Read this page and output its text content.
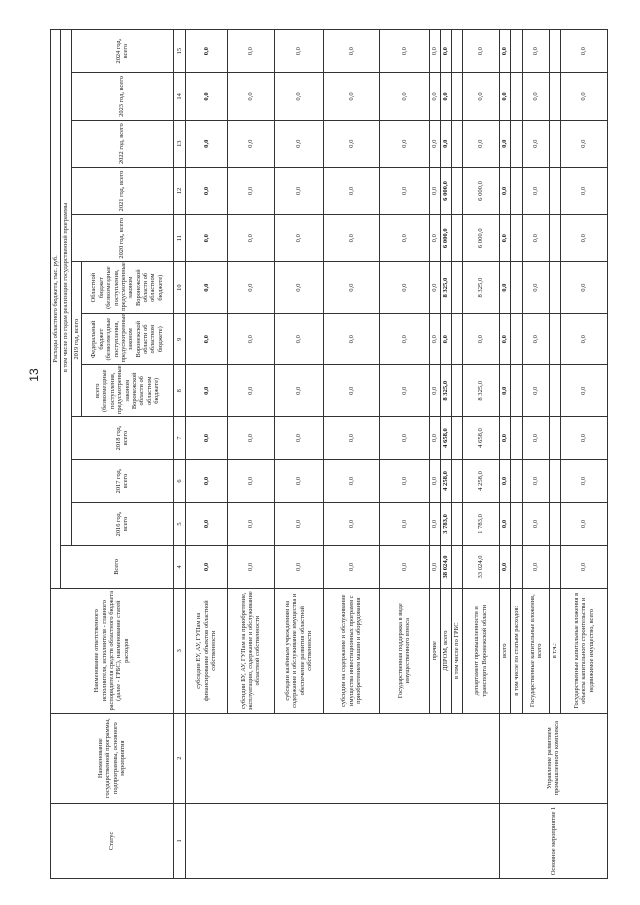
13
Статус	Наименование государственной программы, подпрограммы, основного мероприятия	Наименование ответственного исполнителя, исполнителя - главного распорядителя средств областного бюджета (далее - ГРБС), наименование статей расходов	Расходы областного бюджета, тыс. руб.											
			Всего	в том числе по годам реализации государственной программы										
				2016 год, всего	2017 год, всего	2018 год, всего	2019 год, всего			2020 год, всего	2021 год, всего	2022 год, всего	2023 год, всего	2024 год, всего
							всего (безвозмездные поступления, предусмотренные законом Воронежской области об областном бюджете)	Федеральный бюджет (безвозмездные поступления, предусмотренные законом Воронежской области об областном бюджете)	Областной бюджет (безвозмездные поступления, предусмотренные законом Воронежской области об областном бюджете)					
1	2	3	4	5	6	7	8	9	10	11	12	13	14	15
		субсидии ЕУ, АУ, ГУПам на финансирование объектов областной собственности	0,0	0,0	0,0	0,0	0,0	0,0	0,0	0,0	0,0	0,0	0,0	0,0
		субсидии БУ, АУ, ГУПам на приобретение, эксплуатацию, содержание и обслуживание областной собственности	0,0	0,0	0,0	0,0	0,0	0,0	0,0	0,0	0,0	0,0	0,0	0,0
		субсидии казённым учреждениям на содержание и обслуживание имущества и обеспечение развития областной собственности	0,0	0,0	0,0	0,0	0,0	0,0	0,0	0,0	0,0	0,0	0,0	0,0
		субсидии на содержание и обслуживание имущества инвестиционных программ с приобретением машин и оборудования	0,0	0,0	0,0	0,0	0,0	0,0	0,0	0,0	0,0	0,0	0,0	0,0
		Государственная поддержка в виде имущественного взноса	0,0	0,0	0,0	0,0	0,0	0,0	0,0	0,0	0,0	0,0	0,0	0,0
		прочие	0,0	0,0	0,0	0,0	0,0	0,0	0,0	0,0	0,0	0,0	0,0	0,0
		ДПРОМ, всего	38 024,0	3 783,0	4 258,0	4 658,0	8 325,0	0,0	8 325,0	6 000,0	6 000,0	0,0	0,0	0,0
		в том числе по ГРБС												
		департамент промышленности и транспорта Воронежской области	33 024,0	1 783,0	4 258,0	4 658,0	8 325,0	0,0	8 325,0	6 000,0	6 000,0	0,0	0,0	0,0
Основное мероприятие 1	Управление развитием промышленного комплекса	всего	0,0	0,0	0,0	0,0	0,0	0,0	0,0	0,0	0,0	0,0	0,0	0,0
		в том числе по статьям расходов:												
		Государственные капитальные вложения, всего	0,0	0,0	0,0	0,0	0,0	0,0	0,0	0,0	0,0	0,0	0,0	0,0
		в т.ч.:												
		Государственные капитальные вложения в объекты капитального строительства и недвижимое имущество, всего	0,0	0,0	0,0	0,0	0,0	0,0	0,0	0,0	0,0	0,0	0,0	0,0
